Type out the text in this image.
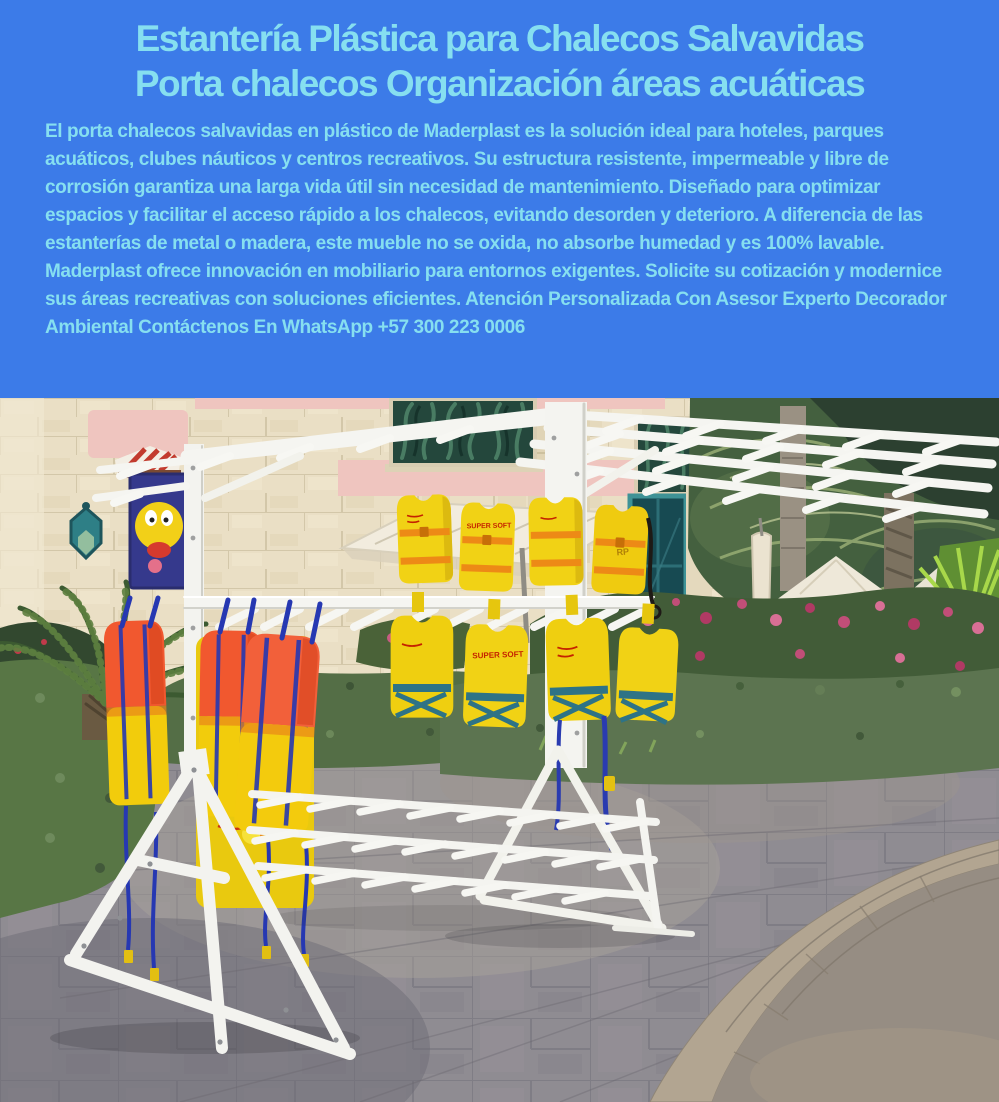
Estantería Plástica para Chalecos Salvavidas
Porta chalecos Organización áreas acuáticas

El porta chalecos salvavidas en plástico de Maderplast es la solución ideal para hoteles, parques acuáticos, clubes náuticos y centros recreativos. Su estructura resistente, impermeable y libre de corrosión garantiza una larga vida útil sin necesidad de mantenimiento. Diseñado para optimizar espacios y facilitar el acceso rápido a los chalecos, evitando desorden y deterioro. A diferencia de las estanterías de metal o madera, este mueble no se oxida, no absorbe humedad y es 100% lavable. Maderplast ofrece innovación en mobiliario para entornos exigentes. Solicite su cotización y modernice sus áreas recreativas con soluciones eficientes. Atención Personalizada Con Asesor Experto Decorador Ambiental Contáctenos En WhatsApp +57 300 223 0006

SUPER SOFT
RP
SUPER SOFT
